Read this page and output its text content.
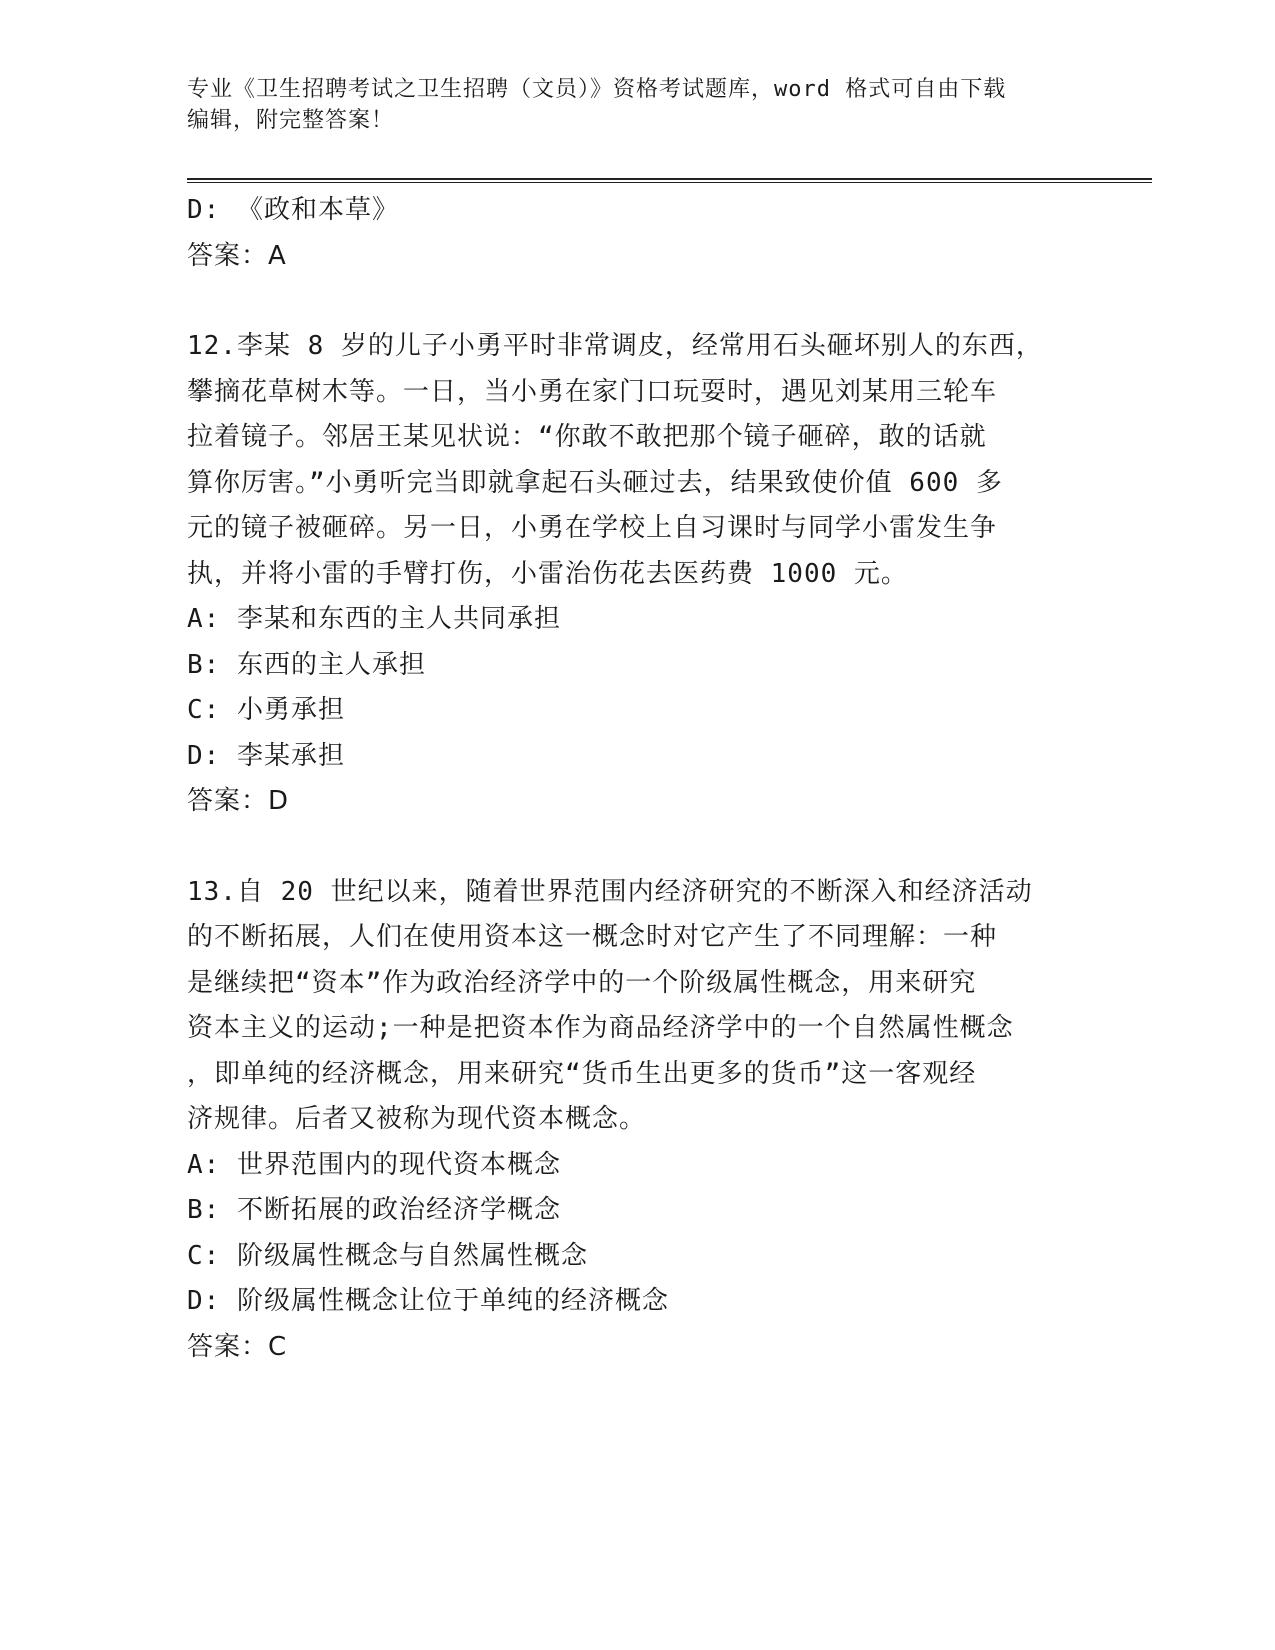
专业《卫生招聘考试之卫生招聘（文员）》资格考试题库，word 格式可自由下载
编辑，附完整答案！
D: 《政和本草》
答案：A
12.李某 8 岁的儿子小勇平时非常调皮，经常用石头砸坏别人的东西，
攀摘花草树木等。一日，当小勇在家门口玩耍时，遇见刘某用三轮车
拉着镜子。邻居王某见状说：“你敢不敢把那个镜子砸碎，敢的话就
算你厉害。”小勇听完当即就拿起石头砸过去，结果致使价值 600 多
元的镜子被砸碎。另一日，小勇在学校上自习课时与同学小雷发生争
执，并将小雷的手臂打伤，小雷治伤花去医药费 1000 元。
A: 李某和东西的主人共同承担
B: 东西的主人承担
C: 小勇承担
D: 李某承担
答案：D
13.自 20 世纪以来，随着世界范围内经济研究的不断深入和经济活动
的不断拓展，人们在使用资本这一概念时对它产生了不同理解：一种
是继续把“资本”作为政治经济学中的一个阶级属性概念，用来研究
资本主义的运动;一种是把资本作为商品经济学中的一个自然属性概念
，即单纯的经济概念，用来研究“货币生出更多的货币”这一客观经
济规律。后者又被称为现代资本概念。
A: 世界范围内的现代资本概念
B: 不断拓展的政治经济学概念
C: 阶级属性概念与自然属性概念
D: 阶级属性概念让位于单纯的经济概念
答案：C
